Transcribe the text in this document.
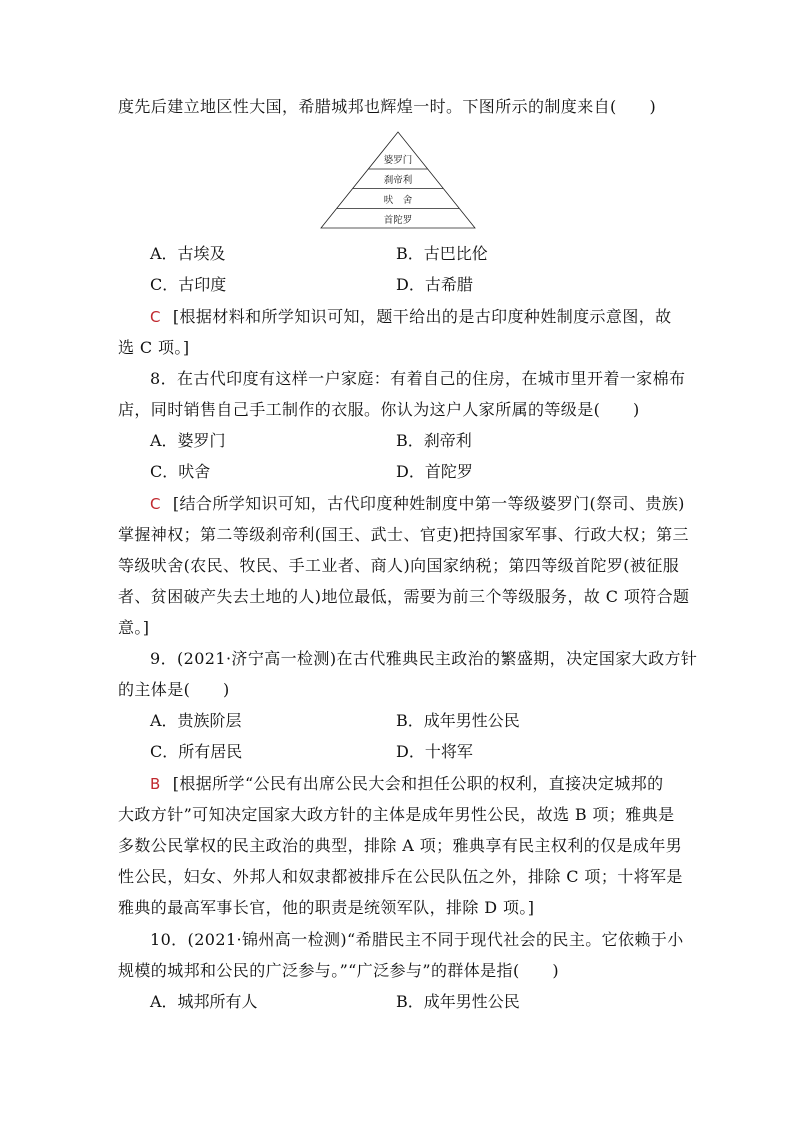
度先后建立地区性大国，希腊城邦也辉煌一时。下图所示的制度来自(　　)
婆罗门
刹帝利
吠　舍
首陀罗
A．古埃及	B．古巴比伦
C．古印度	D．古希腊
C [根据材料和所学知识可知，题干给出的是古印度种姓制度示意图，故
选 C 项。]
8．在古代印度有这样一户家庭：有着自己的住房，在城市里开着一家棉布
店，同时销售自己手工制作的衣服。你认为这户人家所属的等级是(　　)
A．婆罗门	B．刹帝利
C．吠舍	D．首陀罗
C [结合所学知识可知，古代印度种姓制度中第一等级婆罗门(祭司、贵族)
掌握神权；第二等级刹帝利(国王、武士、官吏)把持国家军事、行政大权；第三
等级吠舍(农民、牧民、手工业者、商人)向国家纳税；第四等级首陀罗(被征服
者、贫困破产失去土地的人)地位最低，需要为前三个等级服务，故 C 项符合题
意。]
9．(2021·济宁高一检测)在古代雅典民主政治的繁盛期，决定国家大政方针
的主体是(　　)
A．贵族阶层	B．成年男性公民
C．所有居民	D．十将军
B [根据所学“公民有出席公民大会和担任公职的权利，直接决定城邦的
大政方针”可知决定国家大政方针的主体是成年男性公民，故选 B 项；雅典是
多数公民掌权的民主政治的典型，排除 A 项；雅典享有民主权利的仅是成年男
性公民，妇女、外邦人和奴隶都被排斥在公民队伍之外，排除 C 项；十将军是
雅典的最高军事长官，他的职责是统领军队，排除 D 项。]
10．(2021·锦州高一检测)“希腊民主不同于现代社会的民主。它依赖于小
规模的城邦和公民的广泛参与。”“广泛参与”的群体是指(　　)
A．城邦所有人	B．成年男性公民
